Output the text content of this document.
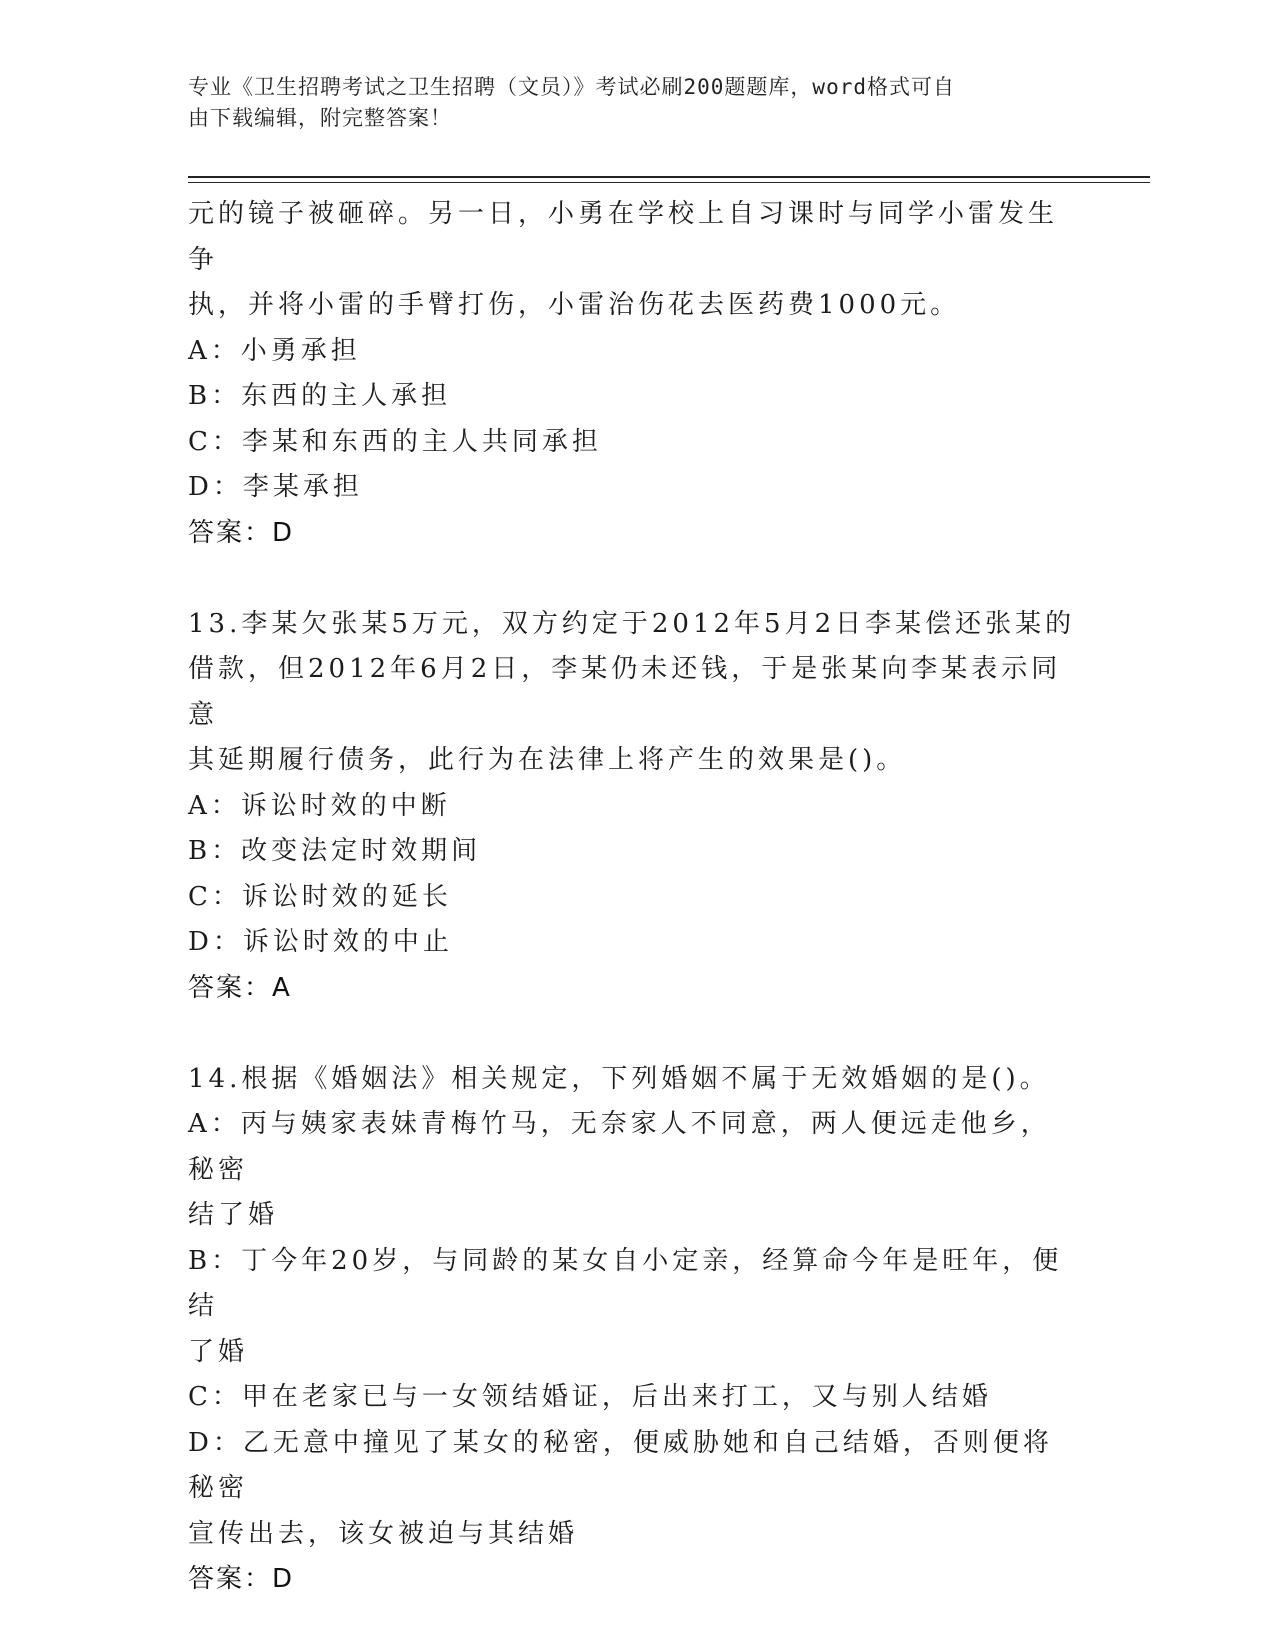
专业《卫生招聘考试之卫生招聘（文员）》考试必刷200题题库，word格式可自
由下载编辑，附完整答案！
元的镜子被砸碎。另一日，小勇在学校上自习课时与同学小雷发生争
执，并将小雷的手臂打伤，小雷治伤花去医药费1000元。
A：小勇承担
B：东西的主人承担
C：李某和东西的主人共同承担
D：李某承担
答案：D
13.李某欠张某5万元，双方约定于2012年5月2日李某偿还张某的
借款，但2012年6月2日，李某仍未还钱，于是张某向李某表示同意
其延期履行债务，此行为在法律上将产生的效果是()。
A：诉讼时效的中断
B：改变法定时效期间
C：诉讼时效的延长
D：诉讼时效的中止
答案：A
14.根据《婚姻法》相关规定，下列婚姻不属于无效婚姻的是()。
A：丙与姨家表妹青梅竹马，无奈家人不同意，两人便远走他乡，秘密
结了婚
B：丁今年20岁，与同龄的某女自小定亲，经算命今年是旺年，便结
了婚
C：甲在老家已与一女领结婚证，后出来打工，又与别人结婚
D：乙无意中撞见了某女的秘密，便威胁她和自己结婚，否则便将秘密
宣传出去，该女被迫与其结婚
答案：D
